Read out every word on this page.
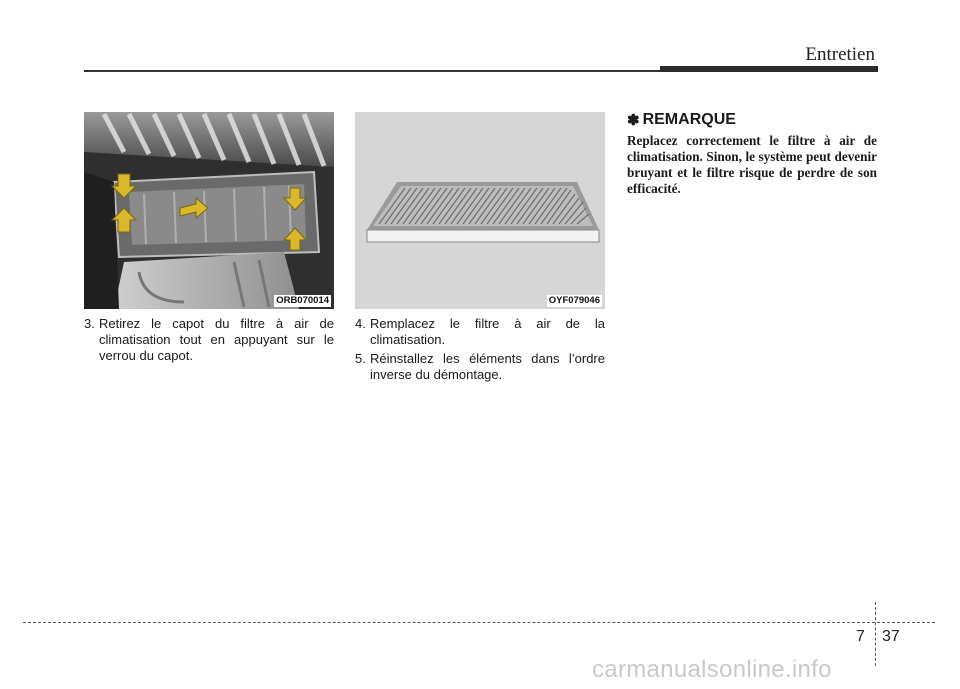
Entretien
ORB070014	OYF079046
3. Retirez le capot du filtre à air de climatisation tout en appuyant sur le verrou du capot.
4. Remplacez le filtre à air de la climatisation.
5. Réinstallez les éléments dans l’ordre inverse du démontage.
✽ REMARQUE

Replacez correctement le filtre à air de climatisation. Sinon, le système peut devenir bruyant et le filtre risque de perdre de son efficacité.

7 37
carmanualsonline.info
